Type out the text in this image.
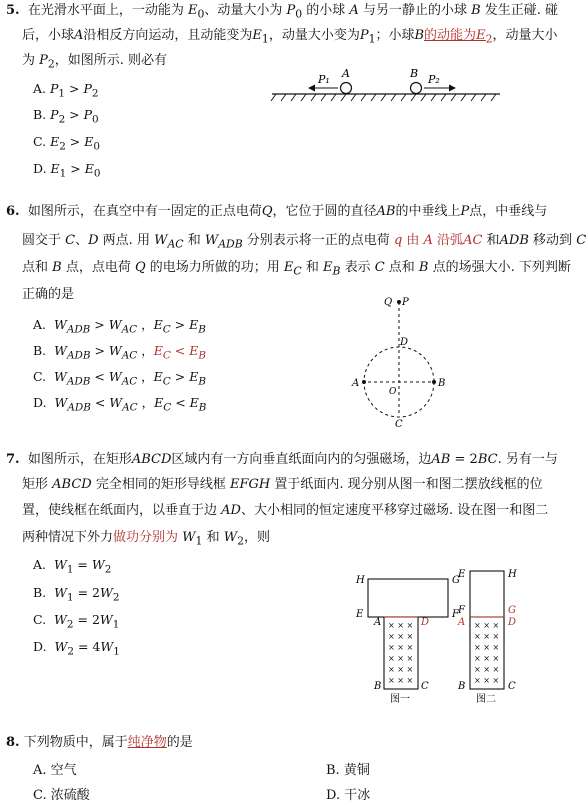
5.  在光滑水平面上，一动能为 $E_0$、动量大小为 $P_0$ 的小球 A 与另一静止的小球 B 发生正碰. 碰
后，小球A沿相反方向运动，且动能变为$E_1$，动量大小变为$P_1$；小球B的动能为$E_2$，动量大小
为 $P_2$，如图所示. 则必有
A. $P_1 > P_2$
B. $P_2 > P_0$
C. $E_2 > E_0$
D. $E_1 > E_0$
P₁ A	B P₂
6.  如图所示，在真空中有一固定的正点电荷Q，它位于圆的直径AB的中垂线上P点，中垂线与
圆交于 C、D 两点. 用 $W_{AC}$ 和 $W_{ADB}$ 分别表示将一正的点电荷 q 由 A 沿弧AC 和ADB 移动到 C
点和 B 点，点电荷 Q 的电场力所做的功；用 $E_C$ 和 $E_B$ 表示 C 点和 B 点的场强大小. 下列判断
正确的是
A.  $W_{ADB} > W_{AC}$ ，$E_C > E_B$
B.  $W_{ADB} > W_{AC}$ ，$E_C < E_B$
C.  $W_{ADB} < W_{AC}$ ，$E_C > E_B$
D.  $W_{ADB} < W_{AC}$ ，$E_C < E_B$
Q P
D
A	B
O
C
7.  如图所示，在矩形ABCD区域内有一方向垂直纸面向内的匀强磁场，边AB = 2BC. 另有一与
矩形 ABCD 完全相同的矩形导线框 EFGH 置于纸面内. 现分别从图一和图二摆放线框的位
置，使线框在纸面内，以垂直于边 AD、大小相同的恒定速度平移穿过磁场. 设在图一和图二
两种情况下外力做功分别为 $W_1$ 和 $W_2$，则
A.  $W_1 = W_2$
B.  $W_1 = 2W_2$
C.  $W_2 = 2W_1$
D.  $W_2 = 4W_1$
× × ×
× × ×
× × ×
× × ×
× × ×
× × ×
H	G
E	F
A	D
B	C
图一
× × ×
× × ×
× × ×
× × ×
× × ×
× × ×
E	H
F	G
A	D
B	C
图二
8. 下列物质中，属于纯净物的是
A. 空气	B. 黄铜
C. 浓硫酸	D. 干冰
